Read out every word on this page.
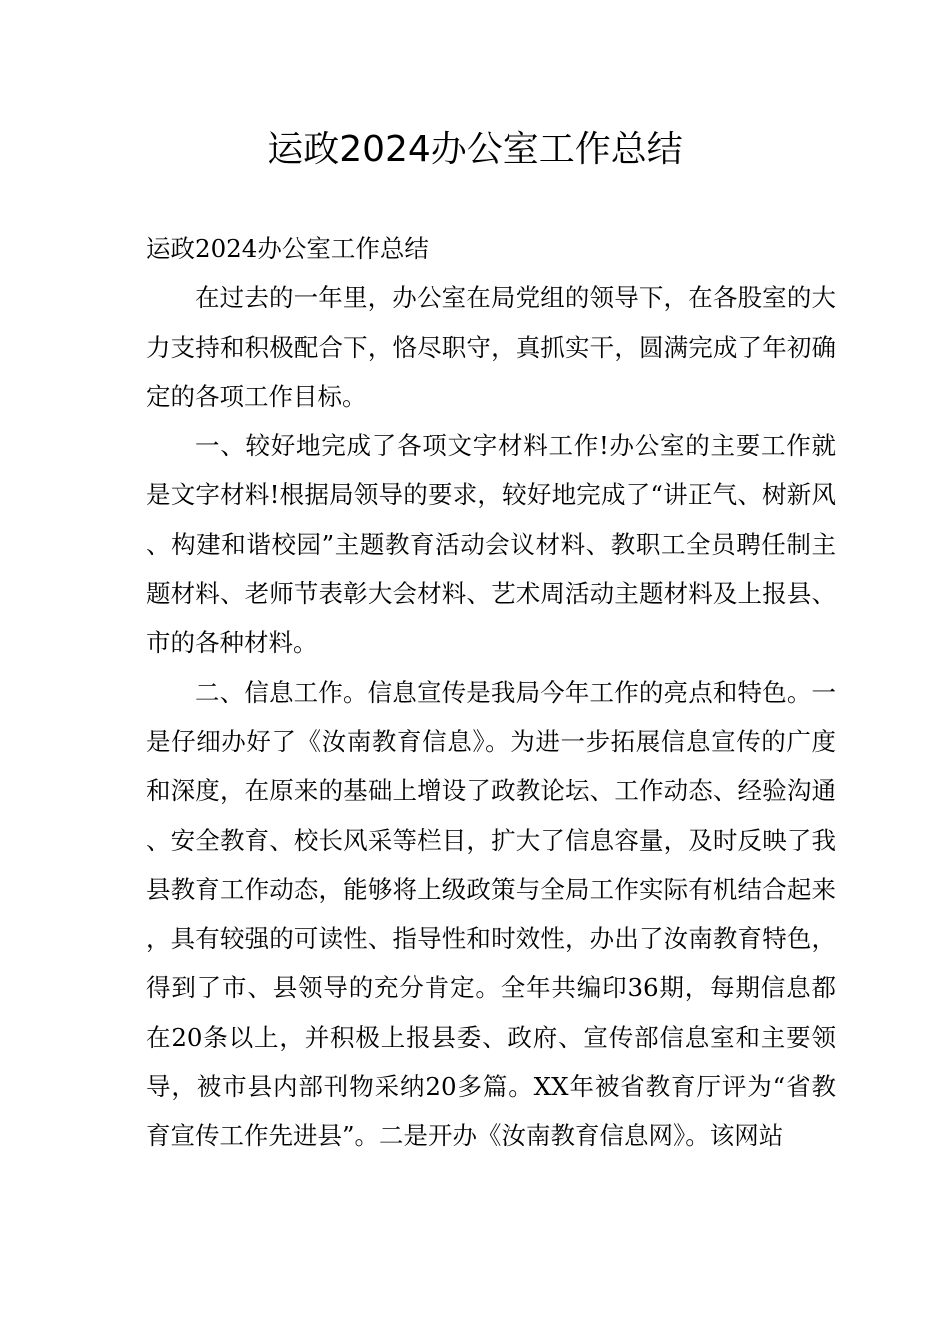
运政2024办公室工作总结

运政2024办公室工作总结

在过去的一年里，办公室在局党组的领导下，在各股室的大力支持和积极配合下，恪尽职守，真抓实干，圆满完成了年初确定的各项工作目标。

一、较好地完成了各项文字材料工作!办公室的主要工作就是文字材料!根据局领导的要求，较好地完成了“讲正气、树新风、构建和谐校园”主题教育活动会议材料、教职工全员聘任制主题材料、老师节表彰大会材料、艺术周活动主题材料及上报县、市的各种材料。

二、信息工作。信息宣传是我局今年工作的亮点和特色。一是仔细办好了《汝南教育信息》。为进一步拓展信息宣传的广度和深度，在原来的基础上增设了政教论坛、工作动态、经验沟通、安全教育、校长风采等栏目，扩大了信息容量，及时反映了我县教育工作动态，能够将上级政策与全局工作实际有机结合起来，具有较强的可读性、指导性和时效性，办出了汝南教育特色，得到了市、县领导的充分肯定。全年共编印36期，每期信息都在20条以上，并积极上报县委、政府、宣传部信息室和主要领导，被市县内部刊物采纳20多篇。XX年被省教育厅评为“省教育宣传工作先进县”。二是开办《汝南教育信息网》。该网站
